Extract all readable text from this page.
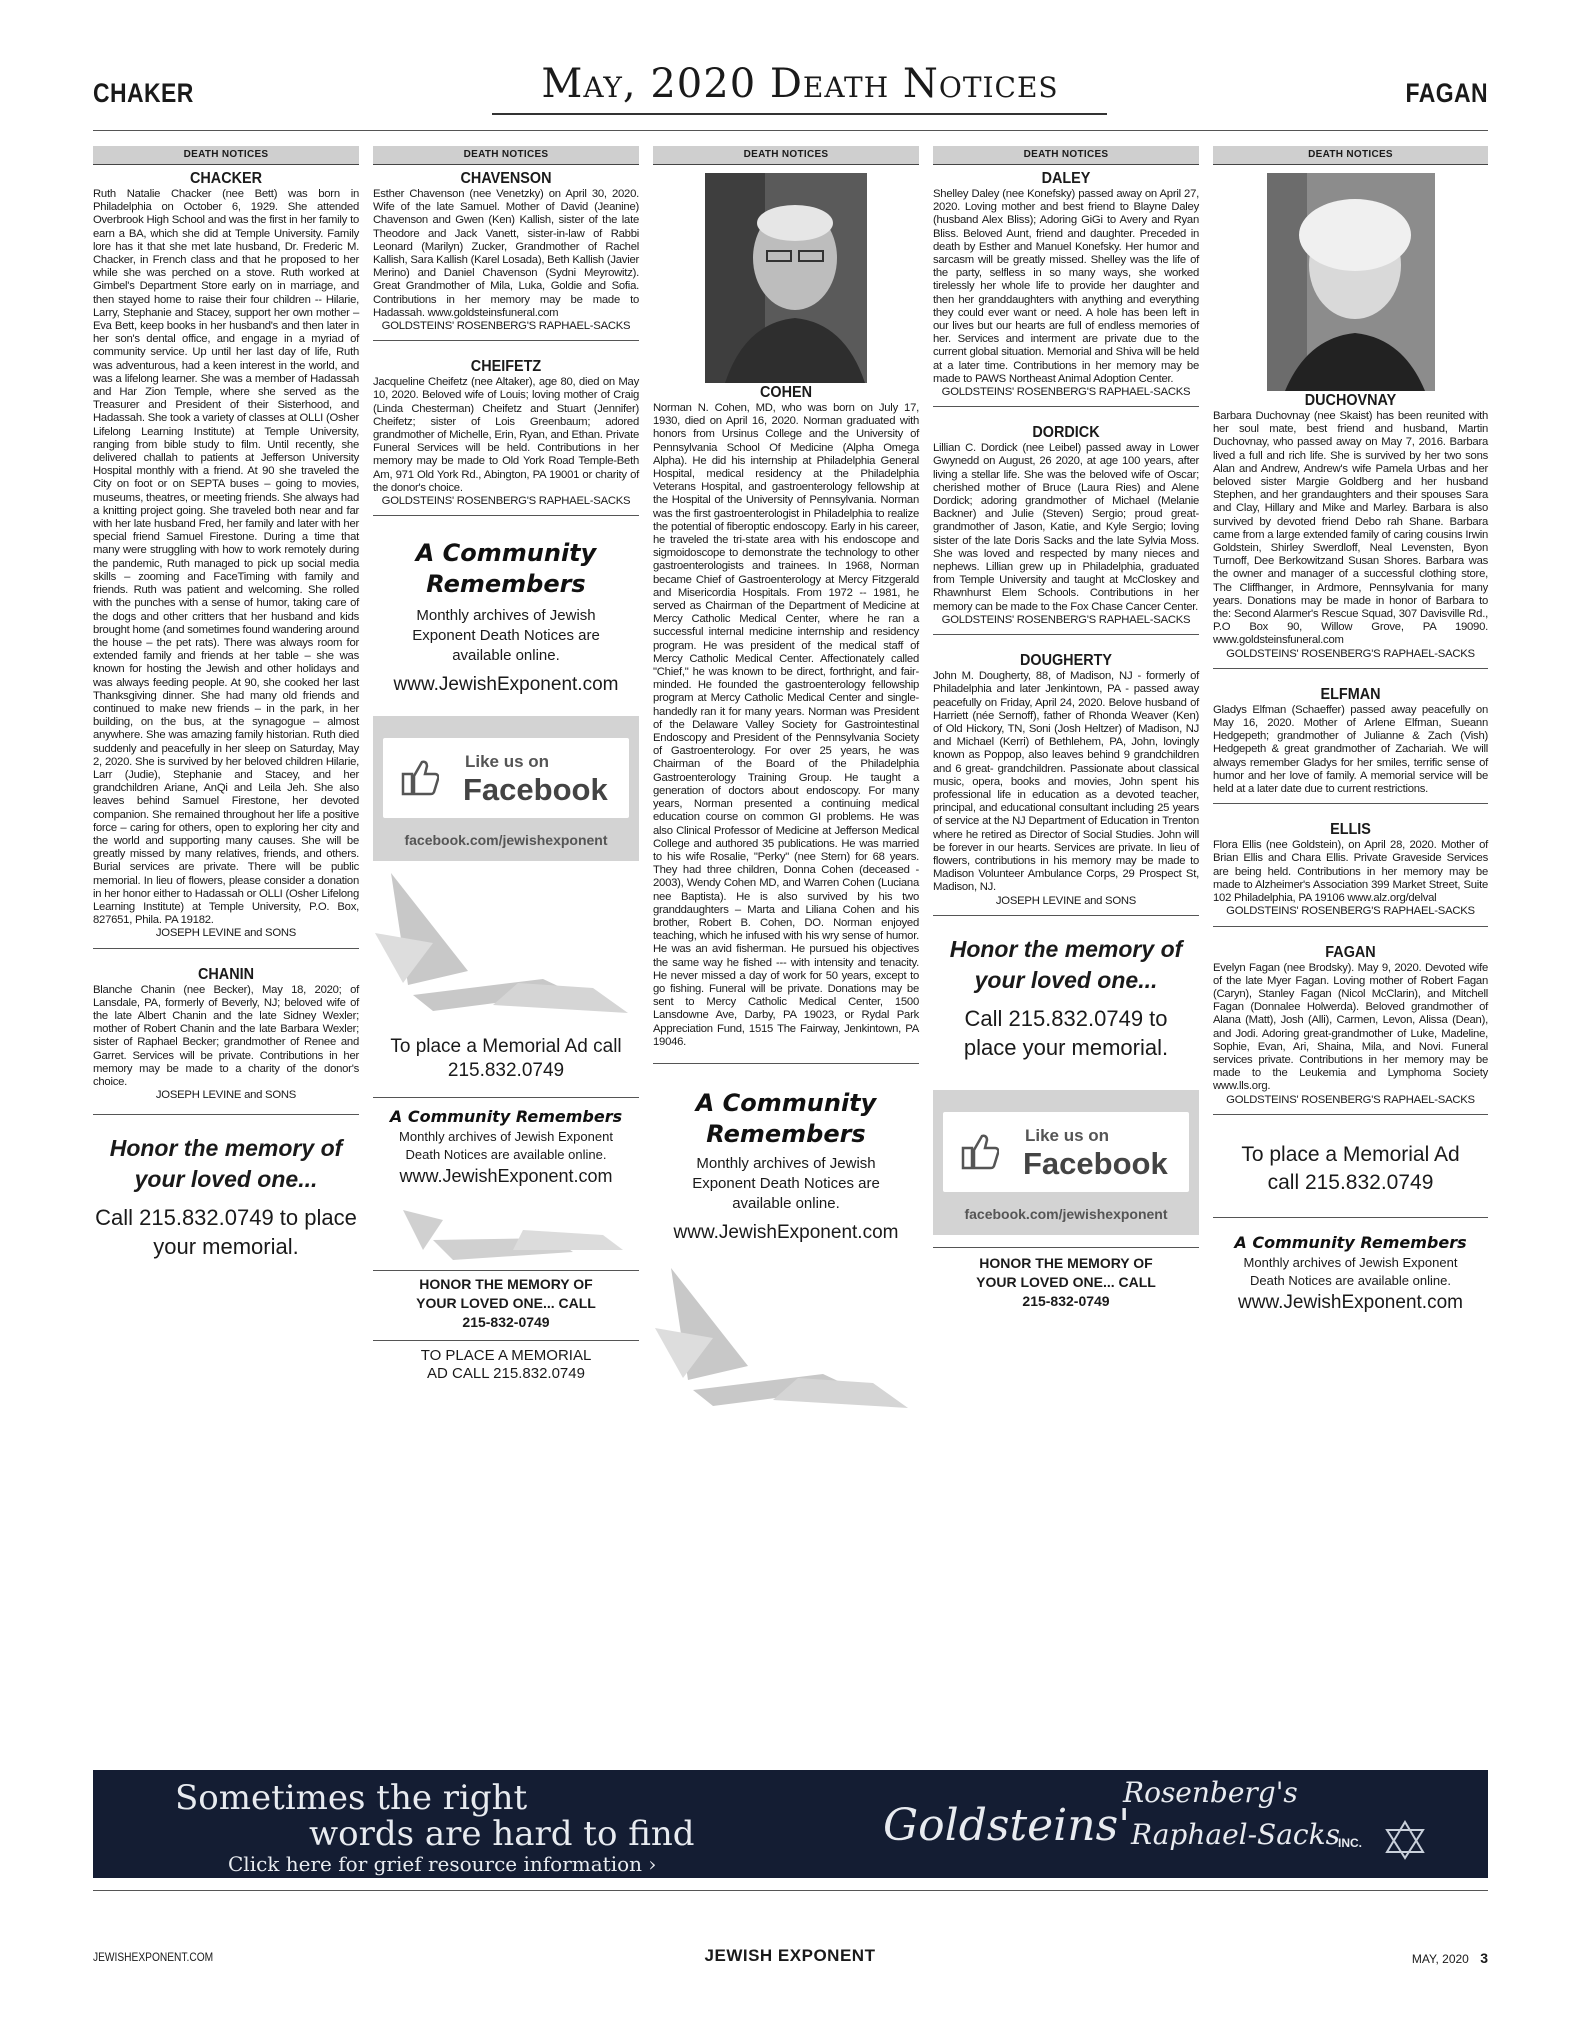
CHAKER	May, 2020 Death Notices	FAGAN
DEATH NOTICES
CHACKER

Ruth Natalie Chacker (nee Bett) was born in Philadelphia on October 6, 1929. She attended Overbrook High School and was the first in her family to earn a BA, which she did at Temple University. Family lore has it that she met late husband, Dr. Frederic M. Chacker, in French class and that he proposed to her while she was perched on a stove. Ruth worked at Gimbel's Department Store early on in marriage, and then stayed home to raise their four children -- Hilarie, Larry, Stephanie and Stacey, support her own mother – Eva Bett, keep books in her husband's and then later in her son's dental office, and engage in a myriad of community service. Up until her last day of life, Ruth was adventurous, had a keen interest in the world, and was a lifelong learner. She was a member of Hadassah and Har Zion Temple, where she served as the Treasurer and President of their Sisterhood, and Hadassah. She took a variety of classes at OLLI (Osher Lifelong Learning Institute) at Temple University, ranging from bible study to film. Until recently, she delivered challah to patients at Jefferson University Hospital monthly with a friend. At 90 she traveled the City on foot or on SEPTA buses – going to movies, museums, theatres, or meeting friends. She always had a knitting project going. She traveled both near and far with her late husband Fred, her family and later with her special friend Samuel Firestone. During a time that many were struggling with how to work remotely during the pandemic, Ruth managed to pick up social media skills – zooming and FaceTiming with family and friends. Ruth was patient and welcoming. She rolled with the punches with a sense of humor, taking care of the dogs and other critters that her husband and kids brought home (and sometimes found wandering around the house – the pet rats). There was always room for extended family and friends at her table – she was known for hosting the Jewish and other holidays and was always feeding people. At 90, she cooked her last Thanksgiving dinner. She had many old friends and continued to make new friends – in the park, in her building, on the bus, at the synagogue – almost anywhere. She was amazing family historian. Ruth died suddenly and peacefully in her sleep on Saturday, May 2, 2020. She is survived by her beloved children Hilarie, Larr (Judie), Stephanie and Stacey, and her grandchildren Ariane, AnQi and Leila Jeh. She also leaves behind Samuel Firestone, her devoted companion. She remained throughout her life a positive force – caring for others, open to exploring her city and the world and supporting many causes. She will be greatly missed by many relatives, friends, and others. Burial services are private. There will be public memorial. In lieu of flowers, please consider a donation in her honor either to Hadassah or OLLI (Osher Lifelong Learning Institute) at Temple University, P.O. Box, 827651, Phila. PA 19182.

JOSEPH LEVINE and SONS
CHANIN

Blanche Chanin (nee Becker), May 18, 2020; of Lansdale, PA, formerly of Beverly, NJ; beloved wife of the late Albert Chanin and the late Sidney Wexler; mother of Robert Chanin and the late Barbara Wexler; sister of Raphael Becker; grandmother of Renee and Garret. Services will be private. Contributions in her memory may be made to a charity of the donor's choice.

JOSEPH LEVINE and SONS
Honor the memory of your loved one...
Call 215.832.0749 to place your memorial.
DEATH NOTICES
CHAVENSON

Esther Chavenson (nee Venetzky) on April 30, 2020. Wife of the late Samuel. Mother of David (Jeanine) Chavenson and Gwen (Ken) Kallish, sister of the late Theodore and Jack Vanett, sister-in-law of Rabbi Leonard (Marilyn) Zucker, Grandmother of Rachel Kallish, Sara Kallish (Karel Losada), Beth Kallish (Javier Merino) and Daniel Chavenson (Sydni Meyrowitz). Great Grandmother of Mila, Luka, Goldie and Sofia. Contributions in her memory may be made to Hadassah. www.goldsteinsfuneral.com

GOLDSTEINS' ROSENBERG'S RAPHAEL-SACKS
CHEIFETZ

Jacqueline Cheifetz (nee Altaker), age 80, died on May 10, 2020. Beloved wife of Louis; loving mother of Craig (Linda Chesterman) Cheifetz and Stuart (Jennifer) Cheifetz; sister of Lois Greenbaum; adored grandmother of Michelle, Erin, Ryan, and Ethan. Private Funeral Services will be held. Contributions in her memory may be made to Old York Road Temple-Beth Am, 971 Old York Rd., Abington, PA 19001 or charity of the donor's choice.

GOLDSTEINS' ROSENBERG'S RAPHAEL-SACKS
A Community Remembers
Monthly archives of Jewish Exponent Death Notices are available online.
www.JewishExponent.com
Like us on
Facebook
facebook.com/jewishexponent
To place a Memorial Ad call 215.832.0749
A Community Remembers
Monthly archives of Jewish Exponent Death Notices are available online.
www.JewishExponent.com
HONOR THE MEMORY OF YOUR LOVED ONE... CALL 215-832-0749
TO PLACE A MEMORIAL AD CALL 215.832.0749
DEATH NOTICES
COHEN

Norman N. Cohen, MD, who was born on July 17, 1930, died on April 16, 2020. Norman graduated with honors from Ursinus College and the University of Pennsylvania School Of Medicine (Alpha Omega Alpha). He did his internship at Philadelphia General Hospital, medical residency at the Philadelphia Veterans Hospital, and gastroenterology fellowship at the Hospital of the University of Pennsylvania. Norman was the first gastroenterologist in Philadelphia to realize the potential of fiberoptic endoscopy. Early in his career, he traveled the tri-state area with his endoscope and sigmoidoscope to demonstrate the technology to other gastroenterologists and trainees. In 1968, Norman became Chief of Gastroenterology at Mercy Fitzgerald and Misericordia Hospitals. From 1972 -- 1981, he served as Chairman of the Department of Medicine at Mercy Catholic Medical Center, where he ran a successful internal medicine internship and residency program. He was president of the medical staff of Mercy Catholic Medical Center. Affectionately called "Chief," he was known to be direct, forthright, and fair-minded. He founded the gastroenterology fellowship program at Mercy Catholic Medical Center and single-handedly ran it for many years. Norman was President of the Delaware Valley Society for Gastrointestinal Endoscopy and President of the Pennsylvania Society of Gastroenterology. For over 25 years, he was Chairman of the Board of the Philadelphia Gastroenterology Training Group. He taught a generation of doctors about endoscopy. For many years, Norman presented a continuing medical education course on common GI problems. He was also Clinical Professor of Medicine at Jefferson Medical College and authored 35 publications. He was married to his wife Rosalie, "Perky" (nee Stern) for 68 years. They had three children, Donna Cohen (deceased - 2003), Wendy Cohen MD, and Warren Cohen (Luciana nee Baptista). He is also survived by his two granddaughters – Marta and Liliana Cohen and his brother, Robert B. Cohen, DO. Norman enjoyed teaching, which he infused with his wry sense of humor. He was an avid fisherman. He pursued his objectives the same way he fished --- with intensity and tenacity. He never missed a day of work for 50 years, except to go fishing. Funeral will be private. Donations may be sent to Mercy Catholic Medical Center, 1500 Lansdowne Ave, Darby, PA 19023, or Rydal Park Appreciation Fund, 1515 The Fairway, Jenkintown, PA 19046.

A Community Remembers
Monthly archives of Jewish Exponent Death Notices are available online.
www.JewishExponent.com
DEATH NOTICES
DALEY

Shelley Daley (nee Konefsky) passed away on April 27, 2020. Loving mother and best friend to Blayne Daley (husband Alex Bliss); Adoring GiGi to Avery and Ryan Bliss. Beloved Aunt, friend and daughter. Preceded in death by Esther and Manuel Konefsky. Her humor and sarcasm will be greatly missed. Shelley was the life of the party, selfless in so many ways, she worked tirelessly her whole life to provide her daughter and then her granddaughters with anything and everything they could ever want or need. A hole has been left in our lives but our hearts are full of endless memories of her. Services and interment are private due to the current global situation. Memorial and Shiva will be held at a later time. Contributions in her memory may be made to PAWS Northeast Animal Adoption Center.

GOLDSTEINS' ROSENBERG'S RAPHAEL-SACKS
DORDICK

Lillian C. Dordick (nee Leibel) passed away in Lower Gwynedd on August, 26 2020, at age 100 years, after living a stellar life. She was the beloved wife of Oscar; cherished mother of Bruce (Laura Ries) and Alene Dordick; adoring grandmother of Michael (Melanie Backner) and Julie (Steven) Sergio; proud great-grandmother of Jason, Katie, and Kyle Sergio; loving sister of the late Doris Sacks and the late Sylvia Moss. She was loved and respected by many nieces and nephews. Lillian grew up in Philadelphia, graduated from Temple University and taught at McCloskey and Rhawnhurst Elem Schools. Contributions in her memory can be made to the Fox Chase Cancer Center.

GOLDSTEINS' ROSENBERG'S RAPHAEL-SACKS
DOUGHERTY

John M. Dougherty, 88, of Madison, NJ - formerly of Philadelphia and later Jenkintown, PA - passed away peacefully on Friday, April 24, 2020. Belove husband of Harriett (née Sernoff), father of Rhonda Weaver (Ken) of Old Hickory, TN, Soni (Josh Heltzer) of Madison, NJ and Michael (Kerri) of Bethlehem, PA, John, lovingly known as Poppop, also leaves behind 9 grandchildren and 6 great- grandchildren. Passionate about classical music, opera, books and movies, John spent his professional life in education as a devoted teacher, principal, and educational consultant including 25 years of service at the NJ Department of Education in Trenton where he retired as Director of Social Studies. John will be forever in our hearts. Services are private. In lieu of flowers, contributions in his memory may be made to Madison Volunteer Ambulance Corps, 29 Prospect St, Madison, NJ.

JOSEPH LEVINE and SONS
Honor the memory of your loved one...
Call 215.832.0749 to place your memorial.
Like us on
Facebook
facebook.com/jewishexponent
HONOR THE MEMORY OF YOUR LOVED ONE... CALL 215-832-0749
DEATH NOTICES
DUCHOVNAY

Barbara Duchovnay (nee Skaist) has been reunited with her soul mate, best friend and husband, Martin Duchovnay, who passed away on May 7, 2016. Barbara lived a full and rich life. She is survived by her two sons Alan and Andrew, Andrew's wife Pamela Urbas and her beloved sister Margie Goldberg and her husband Stephen, and her grandaughters and their spouses Sara and Clay, Hillary and Mike and Marley. Barbara is also survived by devoted friend Debo rah Shane. Barbara came from a large extended family of caring cousins Irwin Goldstein, Shirley Swerdloff, Neal Levensten, Byon Turnoff, Dee Berkowitzand Susan Shores. Barbara was the owner and manager of a successful clothing store, The Cliffhanger, in Ardmore, Pennsylvania for many years. Donations may be made in honor of Barbara to the: Second Alarmer's Rescue Squad, 307 Davisville Rd., P.O Box 90, Willow Grove, PA 19090. www.goldsteinsfuneral.com

GOLDSTEINS' ROSENBERG'S RAPHAEL-SACKS
ELFMAN

Gladys Elfman (Schaeffer) passed away peacefully on May 16, 2020. Mother of Arlene Elfman, Sueann Hedgepeth; grandmother of Julianne & Zach (Vish) Hedgepeth & great grandmother of Zachariah. We will always remember Gladys for her smiles, terrific sense of humor and her love of family. A memorial service will be held at a later date due to current restrictions.

ELLIS

Flora Ellis (nee Goldstein), on April 28, 2020. Mother of Brian Ellis and Chara Ellis. Private Graveside Services are being held. Contributions in her memory may be made to Alzheimer's Association 399 Market Street, Suite 102 Philadelphia, PA 19106 www.alz.org/delval

GOLDSTEINS' ROSENBERG'S RAPHAEL-SACKS
FAGAN

Evelyn Fagan (nee Brodsky). May 9, 2020. Devoted wife of the late Myer Fagan. Loving mother of Robert Fagan (Caryn), Stanley Fagan (Nicol McClarin), and Mitchell Fagan (Donnalee Holwerda). Beloved grandmother of Alana (Matt), Josh (Alli), Carmen, Levon, Alissa (Dean), and Jodi. Adoring great-grandmother of Luke, Madeline, Sophie, Evan, Ari, Shaina, Mila, and Novi. Funeral services private. Contributions in her memory may be made to the Leukemia and Lymphoma Society www.lls.org.

GOLDSTEINS' ROSENBERG'S RAPHAEL-SACKS
To place a Memorial Ad call 215.832.0749
A Community Remembers
Monthly archives of Jewish Exponent Death Notices are available online.
www.JewishExponent.com
Sometimes the right
words are hard to find
Click here for grief resource information ›
Goldsteins'
Rosenberg's
Raphael-Sacks
INC.
JEWISHEXPONENT.COM	JEWISH EXPONENT	MAY, 2020 3
